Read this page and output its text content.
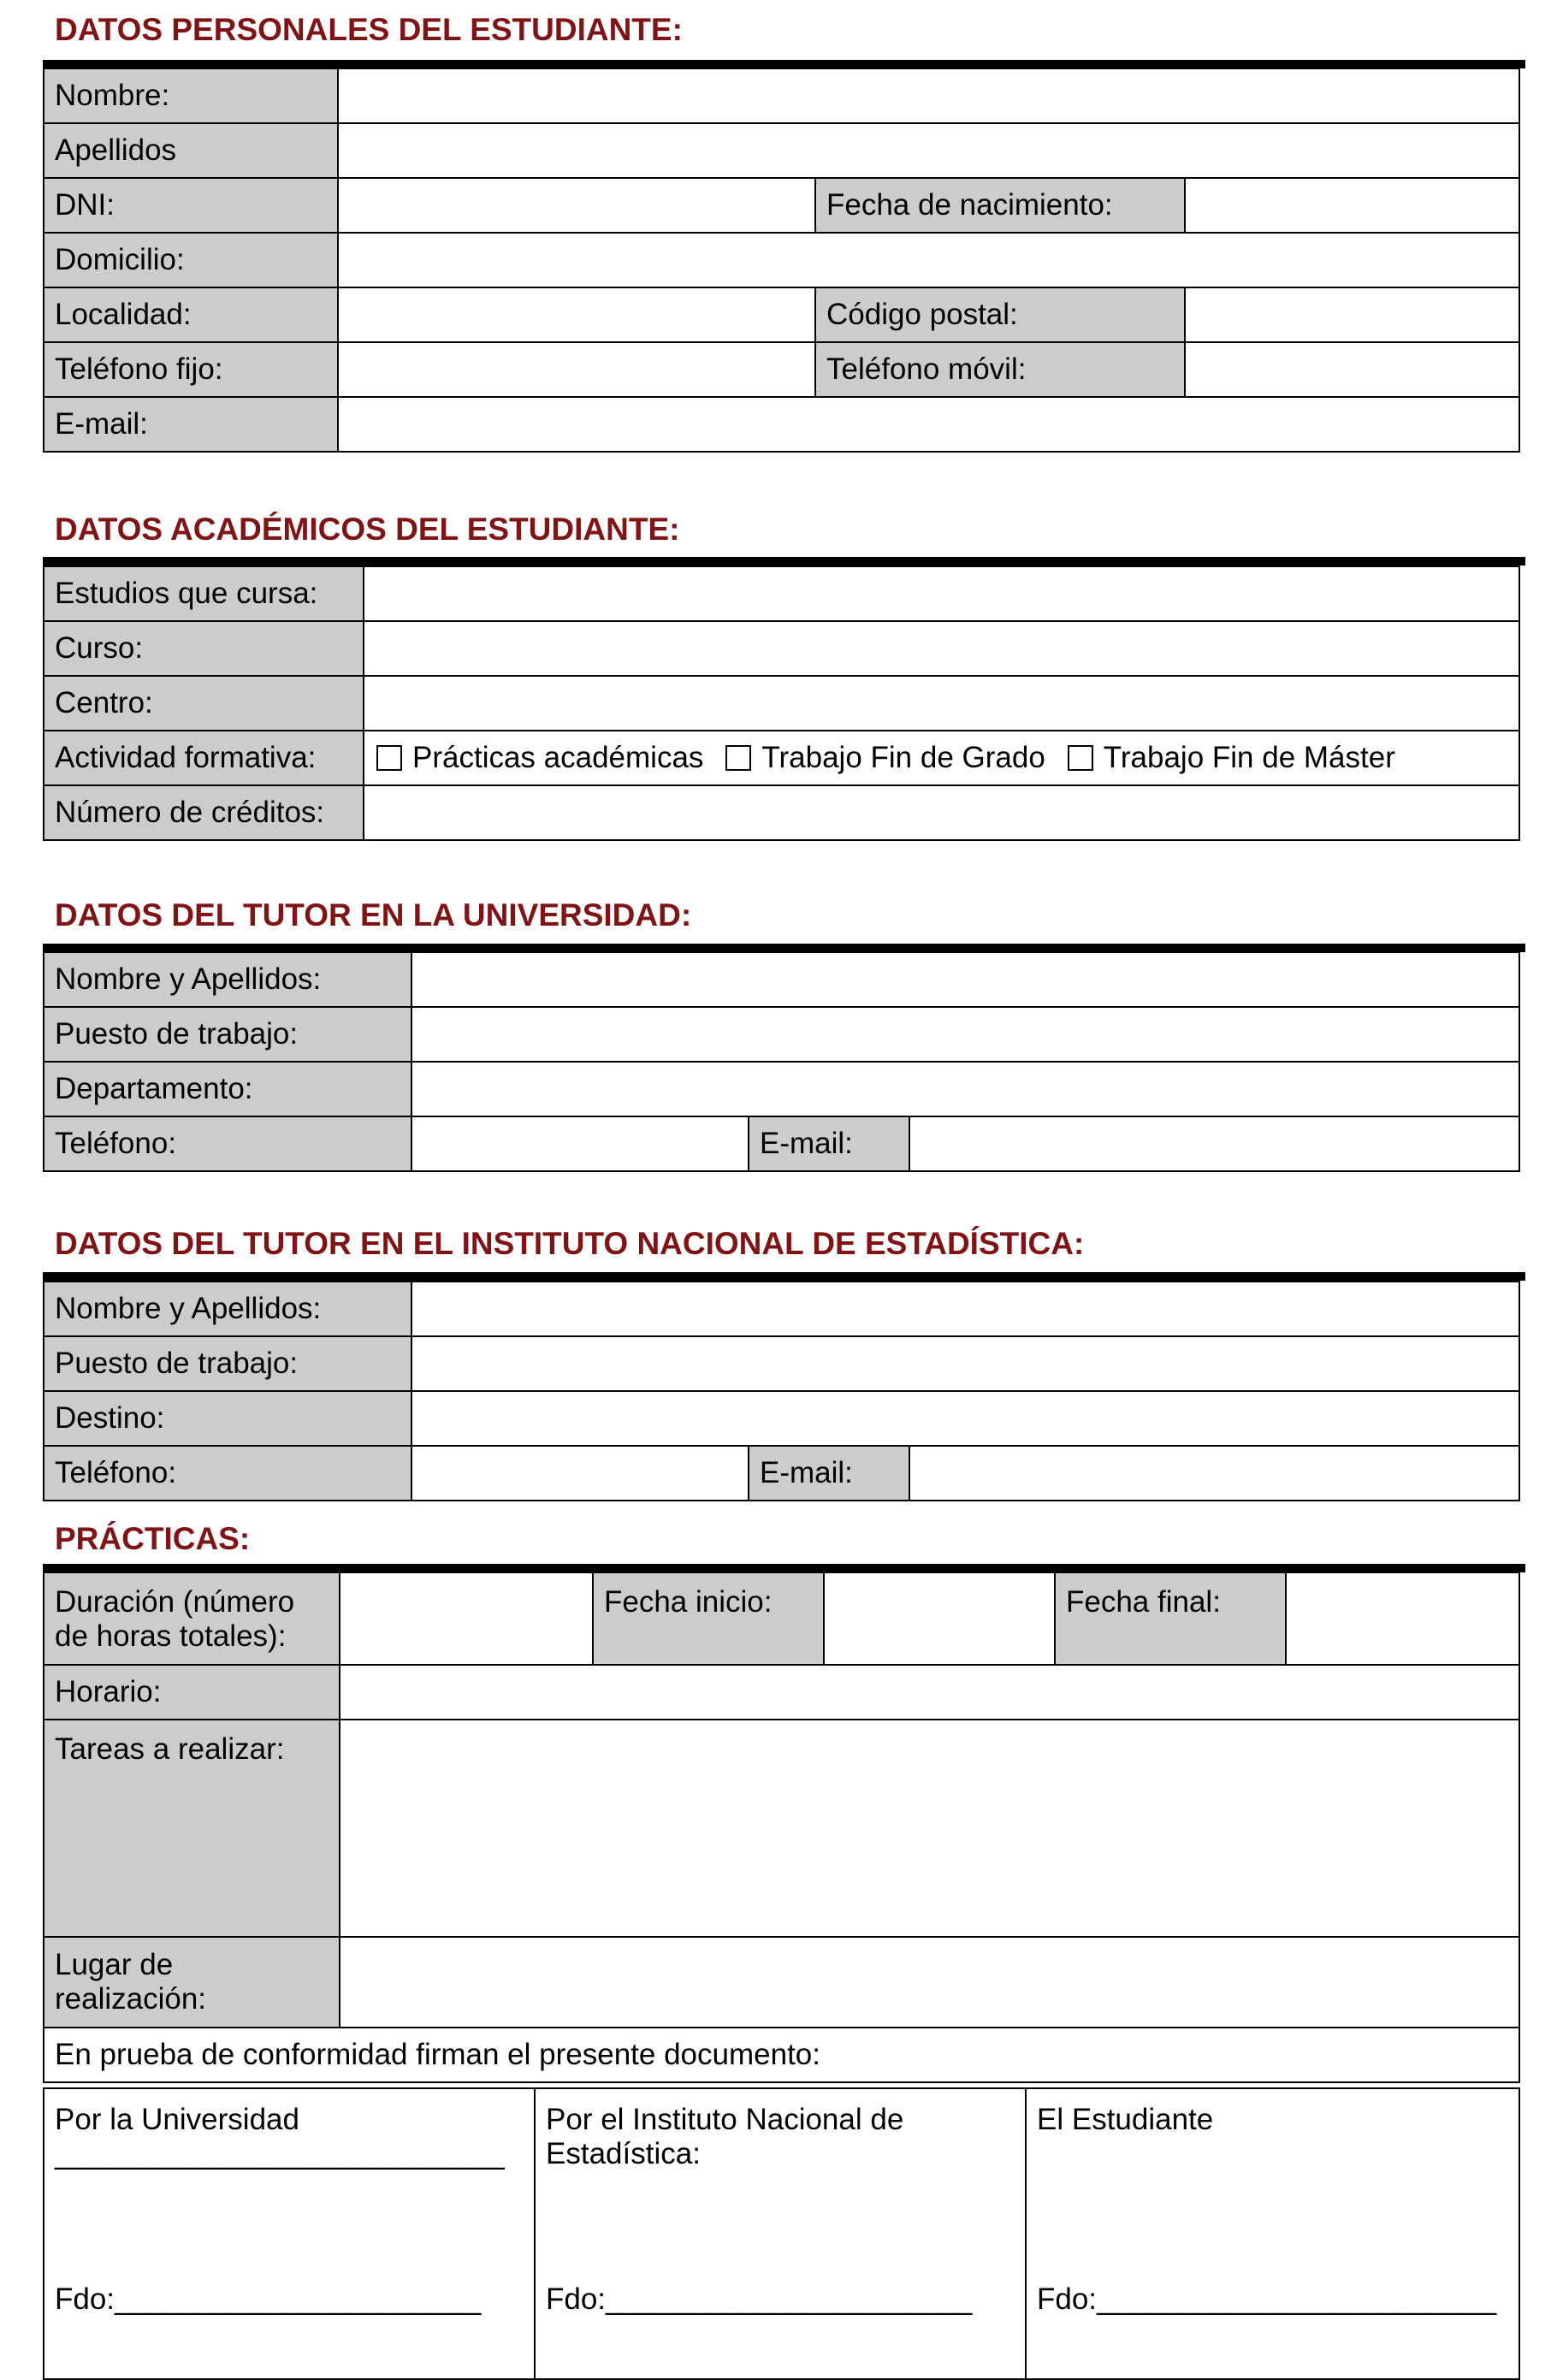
DATOS PERSONALES DEL ESTUDIANTE:
Nombre:			
Apellidos			
DNI:		Fecha de nacimiento:	
Domicilio:			
Localidad:		Código postal:	
Teléfono fijo:		Teléfono móvil:	
E-mail:			
DATOS ACADÉMICOS DEL ESTUDIANTE:
Estudios que cursa:	
Curso:	
Centro:	
Actividad formativa:	Prácticas académicas Trabajo Fin de Grado Trabajo Fin de Máster
Número de créditos:	
DATOS DEL TUTOR EN LA UNIVERSIDAD:
Nombre y Apellidos:			
Puesto de trabajo:			
Departamento:			
Teléfono:		E-mail:	
DATOS DEL TUTOR EN EL INSTITUTO NACIONAL DE ESTADÍSTICA:
Nombre y Apellidos:			
Puesto de trabajo:			
Destino:			
Teléfono:		E-mail:	
PRÁCTICAS:
Duración (número
de horas totales):		Fecha inicio:		Fecha final:	
Horario:					
Tareas a realizar:					
Lugar de
realización:					
En prueba de conformidad firman el presente documento:					
Por la Universidad
___________________________
Fdo:______________________

Por el Instituto Nacional de
Estadística:
Fdo:______________________

El Estudiante
Fdo:________________________
